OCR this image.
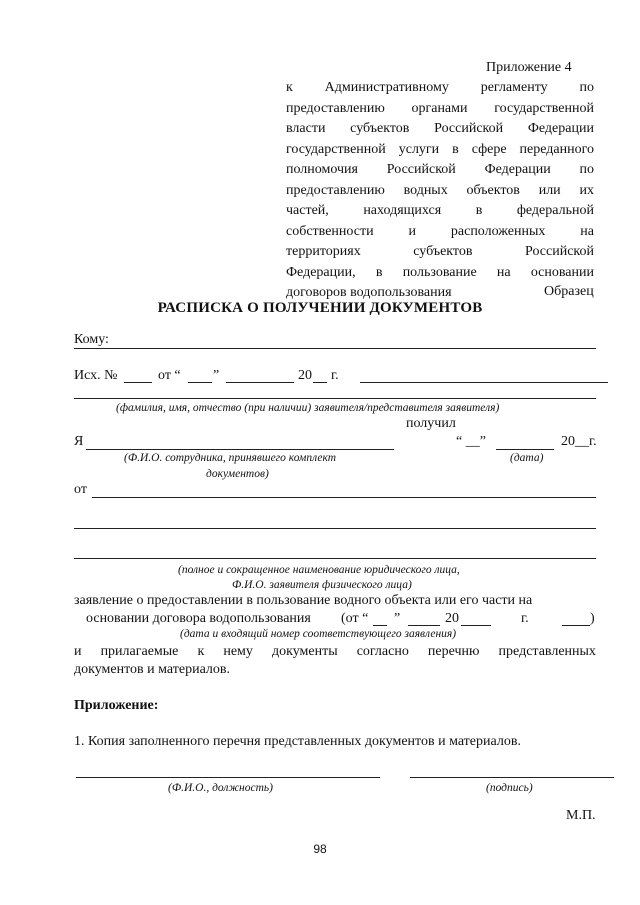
Приложение 4
к Административному регламенту по
предоставлению органами государственной
власти субъектов Российской Федерации
государственной услуги в сфере переданного
полномочия Российской Федерации по
предоставлению водных объектов или их
частей, находящихся в федеральной
собственности и расположенных на
территориях	субъектов	Российской
Федерации, в пользование на основании
договоров водопользования	Образец
РАСПИСКА О ПОЛУЧЕНИИ ДОКУМЕНТОВ
Кому:
Исх. №	от “ ”	20 г.
(фамилия, имя, отчество (при наличии) заявителя/представителя заявителя)
получил
Я	“ __”	20__г.
(Ф.И.О. сотрудника, принявшего комплект
документов)
(дата)
от
(полное и сокращенное наименование юридического лица,
Ф.И.О. заявителя физического лица)
заявление о предоставлении в пользование водного объекта или его части на
основании договора водопользования (от “ ”	20	г.	)
(дата и входящий номер соответствующего заявления)
и прилагаемые к нему документы согласно перечню представленных
документов и материалов.
Приложение:
1. Копия заполненного перечня представленных документов и материалов.
(Ф.И.О., должность)	(подпись)
М.П.
98
